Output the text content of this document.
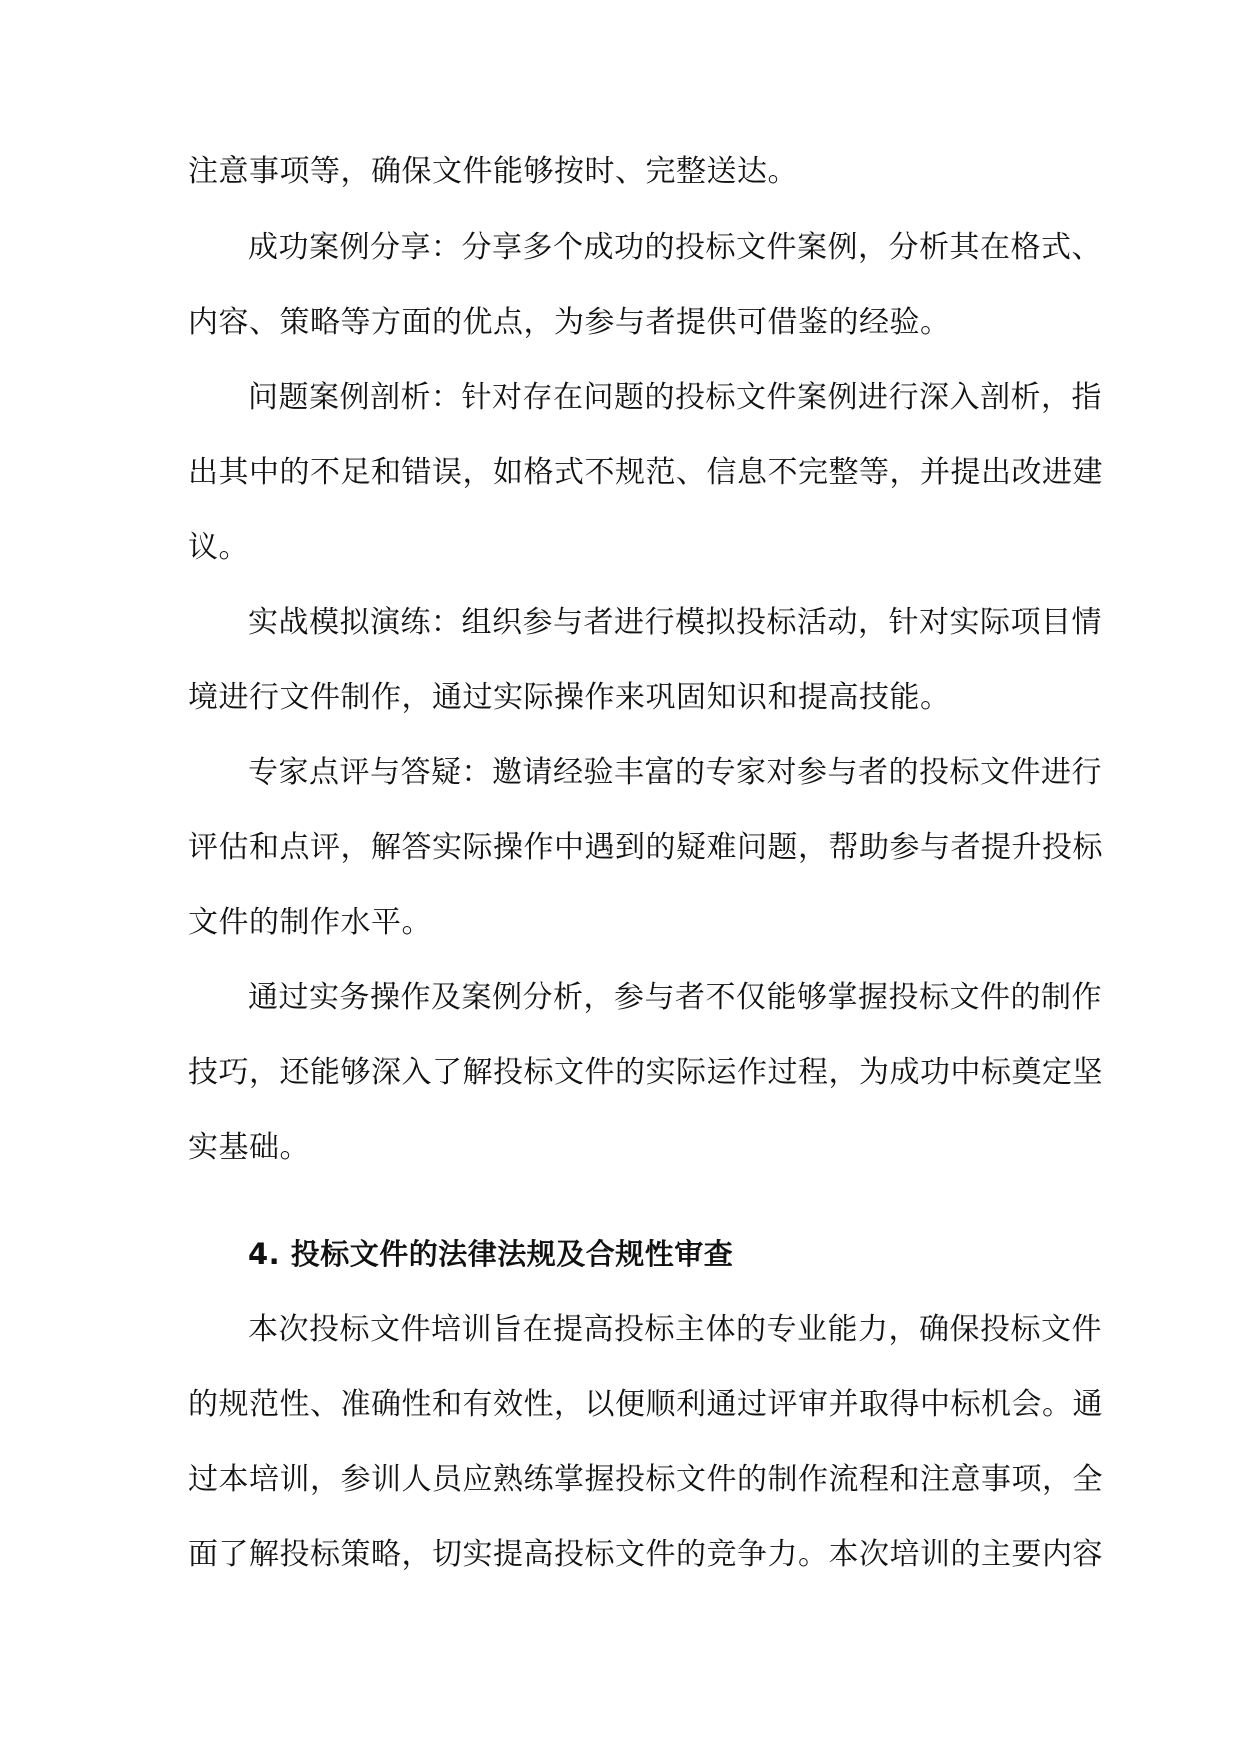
注意事项等，确保文件能够按时、完整送达。
成功案例分享：分享多个成功的投标文件案例，分析其在格式、
内容、策略等方面的优点，为参与者提供可借鉴的经验。
问题案例剖析：针对存在问题的投标文件案例进行深入剖析，指
出其中的不足和错误，如格式不规范、信息不完整等，并提出改进建
议。
实战模拟演练：组织参与者进行模拟投标活动，针对实际项目情
境进行文件制作，通过实际操作来巩固知识和提高技能。
专家点评与答疑：邀请经验丰富的专家对参与者的投标文件进行
评估和点评，解答实际操作中遇到的疑难问题，帮助参与者提升投标
文件的制作水平。
通过实务操作及案例分析，参与者不仅能够掌握投标文件的制作
技巧，还能够深入了解投标文件的实际运作过程，为成功中标奠定坚
实基础。
4. 投标文件的法律法规及合规性审查
本次投标文件培训旨在提高投标主体的专业能力，确保投标文件
的规范性、准确性和有效性，以便顺利通过评审并取得中标机会。通
过本培训，参训人员应熟练掌握投标文件的制作流程和注意事项，全
面了解投标策略，切实提高投标文件的竞争力。本次培训的主要内容
